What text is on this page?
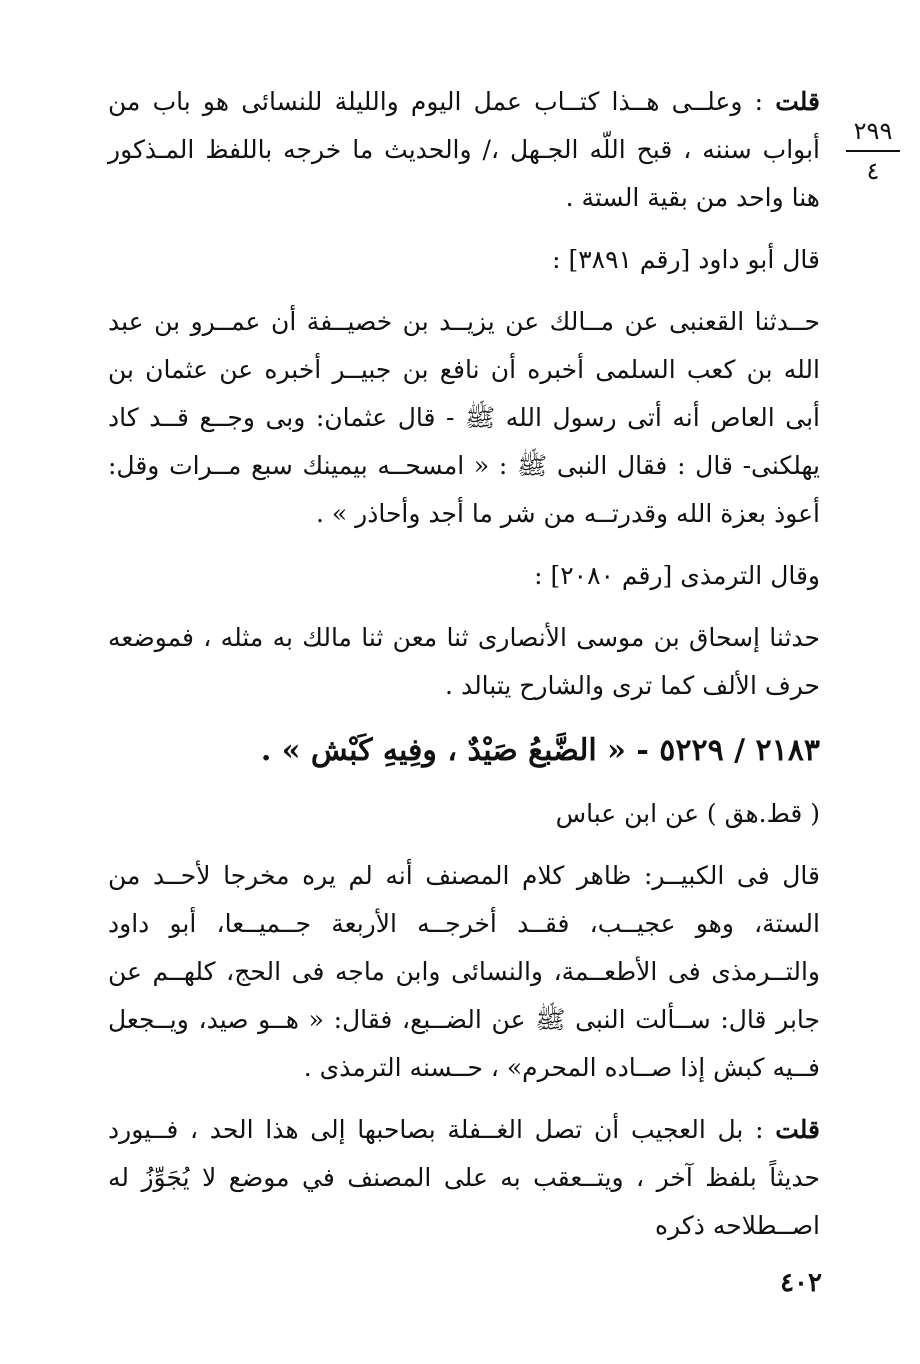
٢٩٩
٤

قلت : وعلــى هــذا كتــاب عمل اليوم والليلة للنسائى هو باب من أبواب سننه ، قبح اللّه الجـهل ،/ والحديث ما خرجه باللفظ المـذكور هنا واحد من بقية الستة .

قال أبو داود [رقم ٣٨٩١] :

حــدثنا القعنبى عن مــالك عن يزيــد بن خصيــفة أن عمــرو بن عبد الله بن كعب السلمى أخبره أن نافع بن جبيــر أخبره عن عثمان بن أبى العاص أنه أتى رسول الله ﷺ - قال عثمان: وبى وجــع قــد كاد يهلكنى- قال : فقال النبى ﷺ : « امسحــه بيمينك سبع مــرات وقل: أعوذ بعزة الله وقدرتــه من شر ما أجد وأحاذر » .

وقال الترمذى [رقم ٢٠٨٠] :

حدثنا إسحاق بن موسى الأنصارى ثنا معن ثنا مالك به مثله ، فموضعه حرف الألف كما ترى والشارح يتبالد .

٢١٨٣ / ٥٢٢٩ - « الضَّبعُ صَيْدٌ ، وفِيهِ كَبْش » .

( قط.هق ) عن ابن عباس

قال فى الكبيــر: ظاهر كلام المصنف أنه لم يره مخرجا لأحــد من الستة، وهو عجيــب، فقــد أخرجــه الأربعة جــميــعا، أبو داود والتــرمذى فى الأطعــمة، والنسائى وابن ماجه فى الحج، كلهــم عن جابر قال: ســألت النبى ﷺ عن الضــبع، فقال: « هــو صيد، ويــجعل فــيه كبش إذا صــاده المحرم» ، حــسنه الترمذى .

قلت : بل العجيب أن تصل الغــفلة بصاحبها إلى هذا الحد ، فــيورد حديثاً بلفظ آخر ، ويتــعقب به على المصنف في موضع لا يُجَوِّزُ له اصــطلاحه ذكره

٤٠٢
